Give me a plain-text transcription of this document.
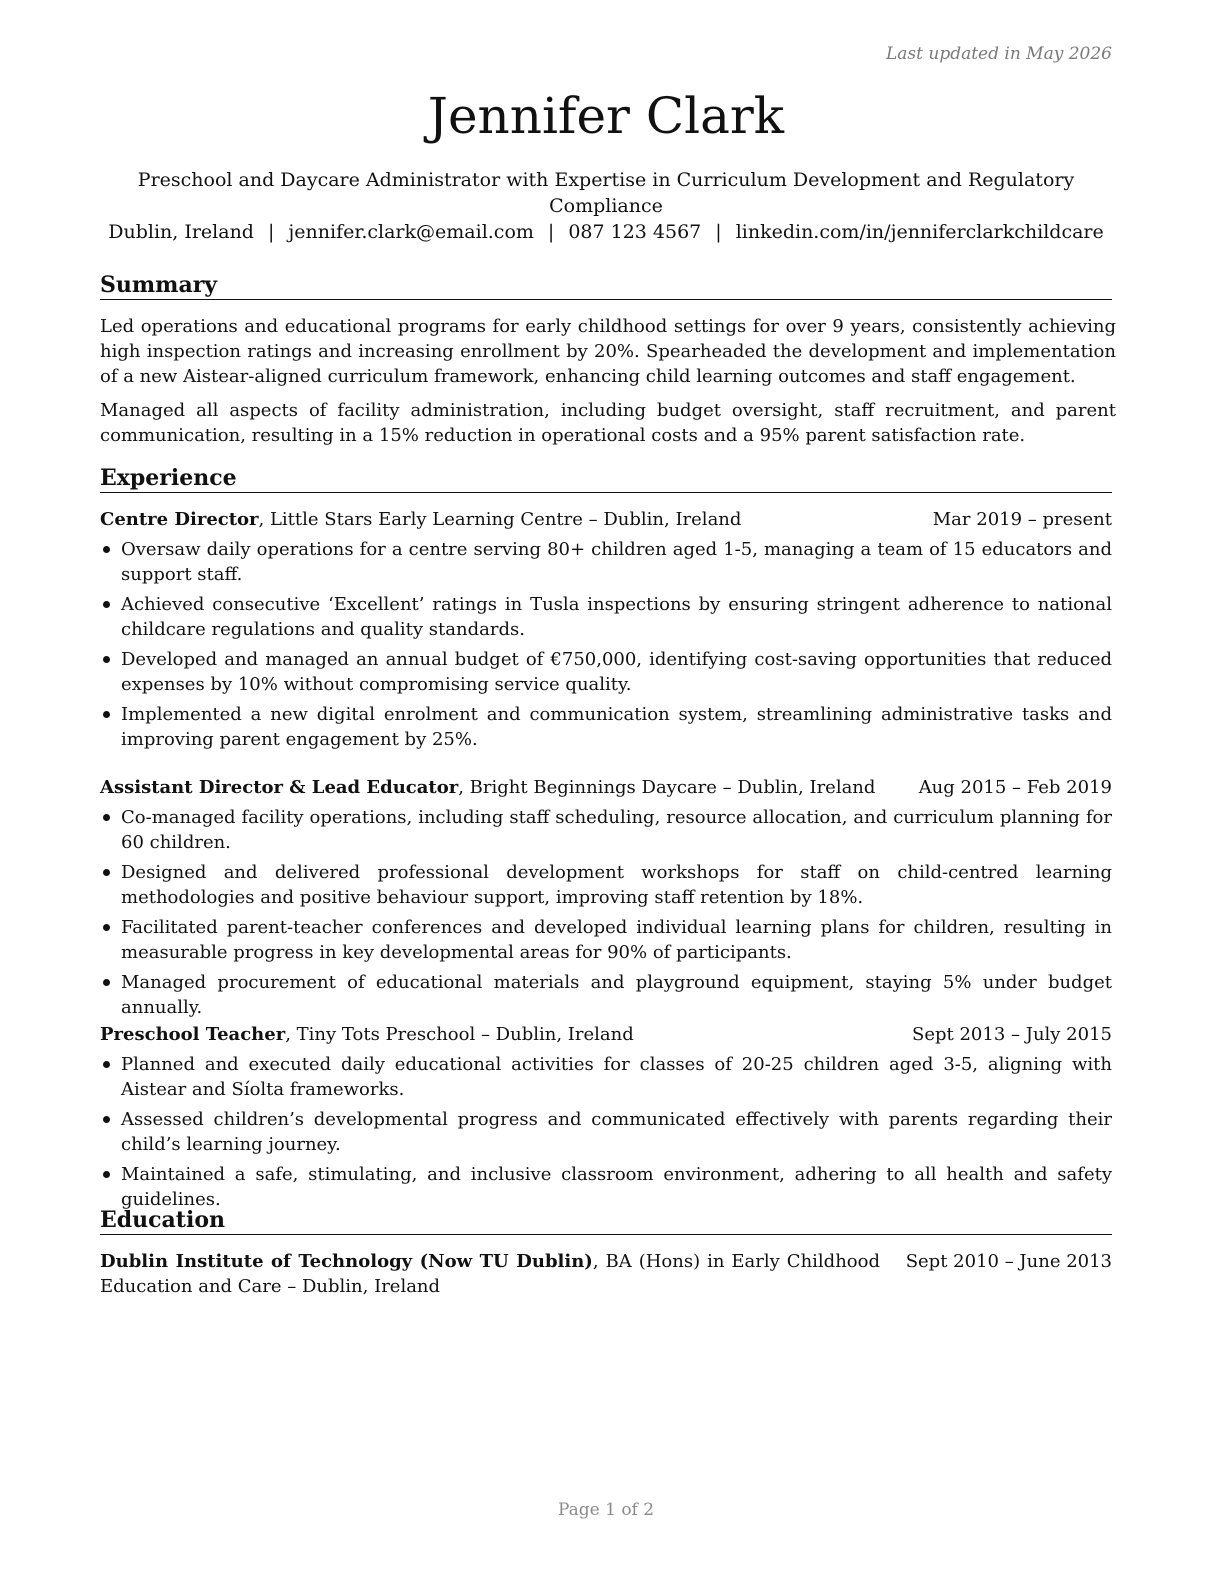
Last updated in May 2026
Jennifer Clark
Preschool and Daycare Administrator with Expertise in Curriculum Development and Regulatory Compliance
Dublin, Ireland | jennifer.clark@email.com | 087 123 4567 | linkedin.com/in/jenniferclarkchildcare
Summary
Led operations and educational programs for early childhood settings for over 9 years, consistently achieving high inspection ratings and increasing enrollment by 20%. Spearheaded the development and implementation of a new Aistear-aligned curriculum framework, enhancing child learning outcomes and staff engagement.
Managed all aspects of facility administration, including budget oversight, staff recruitment, and parent communication, resulting in a 15% reduction in operational costs and a 95% parent satisfaction rate.
Experience
Centre Director, Little Stars Early Learning Centre – Dublin, Ireland	Mar 2019 – present
Oversaw daily operations for a centre serving 80+ children aged 1-5, managing a team of 15 educators and support staff.
Achieved consecutive ‘Excellent’ ratings in Tusla inspections by ensuring stringent adherence to national childcare regulations and quality standards.
Developed and managed an annual budget of €750,000, identifying cost-saving opportunities that reduced expenses by 10% without compromising service quality.
Implemented a new digital enrolment and communication system, streamlining administrative tasks and improving parent engagement by 25%.
Assistant Director & Lead Educator, Bright Beginnings Daycare – Dublin, Ireland Aug 2015 – Feb 2019
Co-managed facility operations, including staff scheduling, resource allocation, and curriculum planning for 60 children.
Designed and delivered professional development workshops for staff on child-centred learning methodologies and positive behaviour support, improving staff retention by 18%.
Facilitated parent-teacher conferences and developed individual learning plans for children, resulting in measurable progress in key developmental areas for 90% of participants.
Managed procurement of educational materials and playground equipment, staying 5% under budget annually.
Preschool Teacher, Tiny Tots Preschool – Dublin, Ireland	Sept 2013 – July 2015
Planned and executed daily educational activities for classes of 20-25 children aged 3-5, aligning with Aistear and Síolta frameworks.
Assessed children’s developmental progress and communicated effectively with parents regarding their child’s learning journey.
Maintained a safe, stimulating, and inclusive classroom environment, adhering to all health and safety guidelines.
Education
Dublin Institute of Technology (Now TU Dublin), BA (Hons) in Early Childhood Education and Care – Dublin, Ireland
Sept 2010 – June 2013
Page 1 of 2
